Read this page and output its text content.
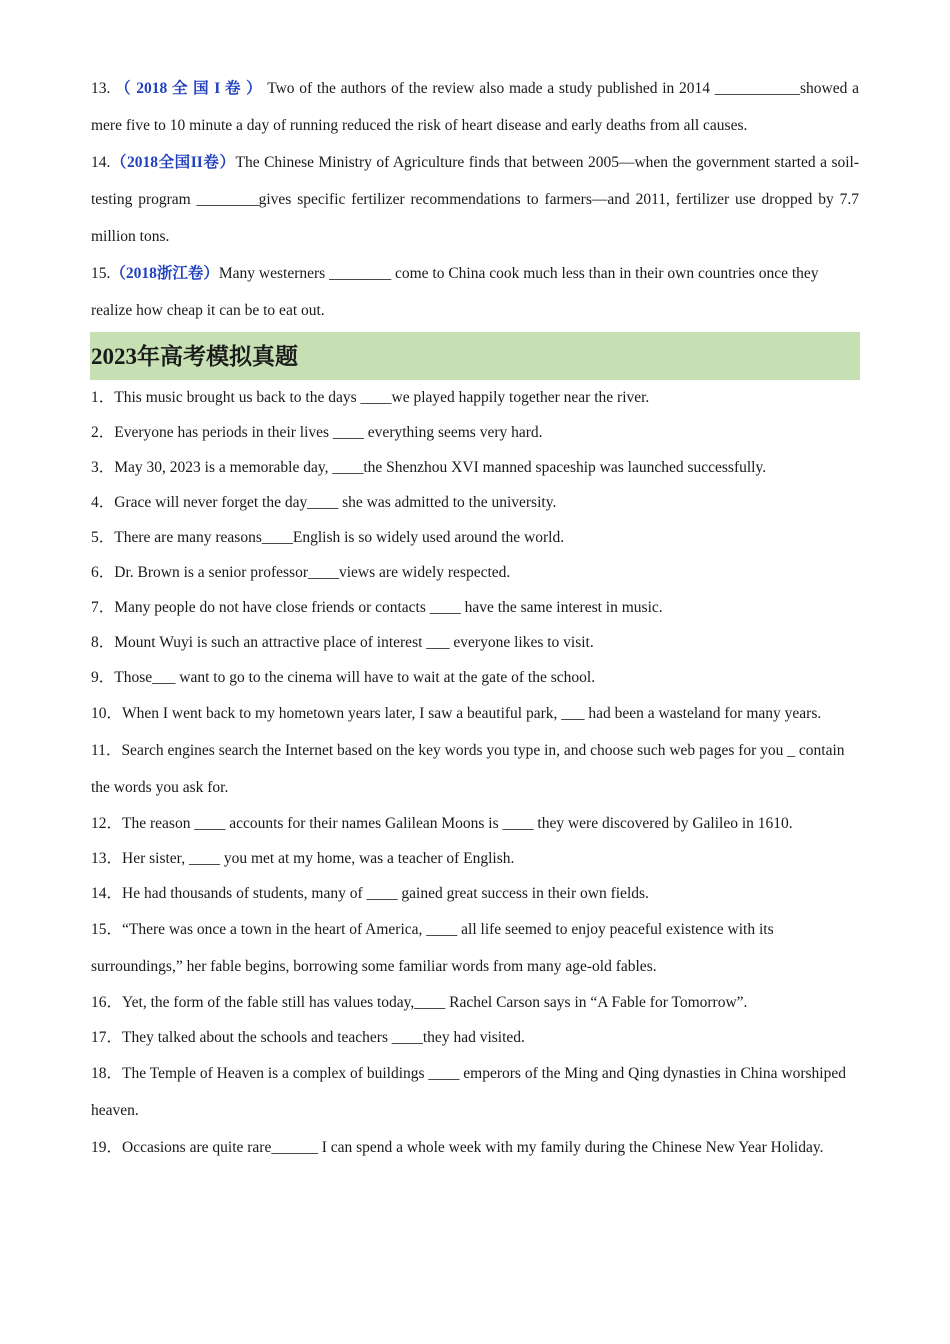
13. （ 2018 全 国 I 卷 ） Two of the authors of the review also made a study published in 2014 ___________showed a mere five to 10 minute a day of running reduced the risk of heart disease and early deaths from all causes.

14.（2018全国II卷）The Chinese Ministry of Agriculture finds that between 2005—when the government started a soil-testing program ________gives specific fertilizer recommendations to farmers—and 2011, fertilizer use dropped by 7.7 million tons.

15.（2018浙江卷）Many westerners ________ come to China cook much less than in their own countries once they realize how cheap it can be to eat out.

2023年高考模拟真题

1．This music brought us back to the days ____we played happily together near the river.

2．Everyone has periods in their lives ____ everything seems very hard.

3．May 30, 2023 is a memorable day, ____the Shenzhou XVI manned spaceship was launched successfully.

4．Grace will never forget the day____ she was admitted to the university.

5．There are many reasons____English is so widely used around the world.

6．Dr. Brown is a senior professor____views are widely respected.

7．Many people do not have close friends or contacts ____ have the same interest in music.

8．Mount Wuyi is such an attractive place of interest ___ everyone likes to visit.

9．Those___ want to go to the cinema will have to wait at the gate of the school.

10．When I went back to my hometown years later, I saw a beautiful park, ___ had been a wasteland for many years.

11．Search engines search the Internet based on the key words you type in, and choose such web pages for you _ contain the words you ask for.

12．The reason ____ accounts for their names Galilean Moons is ____ they were discovered by Galileo in 1610.

13．Her sister, ____ you met at my home, was a teacher of English.

14．He had thousands of students, many of ____ gained great success in their own fields.

15．“There was once a town in the heart of America, ____ all life seemed to enjoy peaceful existence with its surroundings,” her fable begins, borrowing some familiar words from many age-old fables.

16．Yet, the form of the fable still has values today,____ Rachel Carson says in “A Fable for Tomorrow”.

17．They talked about the schools and teachers ____they had visited.

18．The Temple of Heaven is a complex of buildings ____ emperors of the Ming and Qing dynasties in China worshiped heaven.

19．Occasions are quite rare______ I can spend a whole week with my family during the Chinese New Year Holiday.
